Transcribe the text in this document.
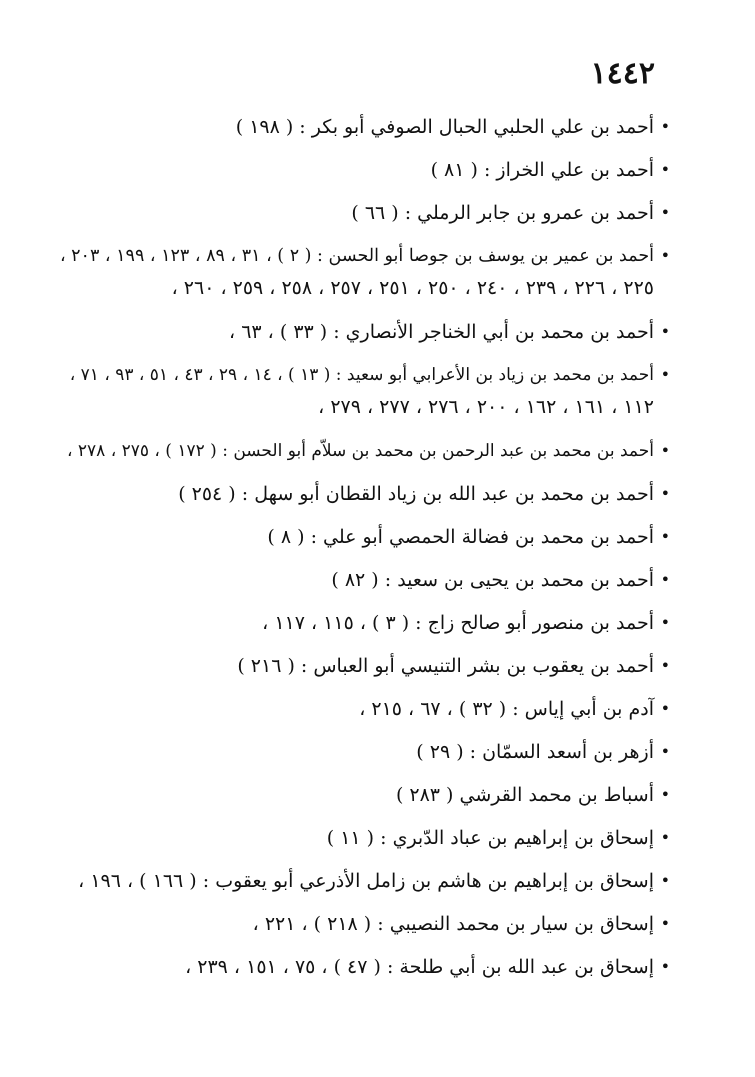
١٤٤٢
•
أحمد بن علي الحلبي الحبال الصوفي أبو بكر : ( ١٩٨ )
•
أحمد بن علي الخراز : ( ٨١ )
•
أحمد بن عمرو بن جابر الرملي : ( ٦٦ )
•
أحمد بن عمير بن يوسف بن جوصا أبو الحسن : ( ٢ ) ، ٣١ ، ٨٩ ، ١٢٣ ، ١٩٩ ، ٢٠٣ ،
٢٢٥ ، ٢٢٦ ، ٢٣٩ ، ٢٤٠ ، ٢٥٠ ، ٢٥١ ، ٢٥٧ ، ٢٥٨ ، ٢٥٩ ، ٢٦٠ ،
•
أحمد بن محمد بن أبي الخناجر الأنصاري : ( ٣٣ ) ، ٦٣ ،
•
أحمد بن محمد بن زياد بن الأعرابي أبو سعيد : ( ١٣ ) ، ١٤ ، ٢٩ ، ٤٣ ، ٥١ ، ٩٣ ، ٧١ ،
١١٢ ، ١٦١ ، ١٦٢ ، ٢٠٠ ، ٢٧٦ ، ٢٧٧ ، ٢٧٩ ،
•
أحمد بن محمد بن عبد الرحمن بن محمد بن سلاّم أبو الحسن : ( ١٧٢ ) ، ٢٧٥ ، ٢٧٨ ،
•
أحمد بن محمد بن عبد الله بن زياد القطان أبو سهل : ( ٢٥٤ )
•
أحمد بن محمد بن فضالة الحمصي أبو علي : ( ٨ )
•
أحمد بن محمد بن يحيى بن سعيد : ( ٨٢ )
•
أحمد بن منصور أبو صالح زاج : ( ٣ ) ، ١١٥ ، ١١٧ ،
•
أحمد بن يعقوب بن بشر التنيسي أبو العباس : ( ٢١٦ )
•
آدم بن أبي إياس : ( ٣٢ ) ، ٦٧ ، ٢١٥ ،
•
أزهر بن أسعد السمّان : ( ٢٩ )
•
أسباط بن محمد القرشي ( ٢٨٣ )
•
إسحاق بن إبراهيم بن عباد الدّبري : ( ١١ )
•
إسحاق بن إبراهيم بن هاشم بن زامل الأذرعي أبو يعقوب : ( ١٦٦ ) ، ١٩٦ ،
•
إسحاق بن سيار بن محمد النصيبي : ( ٢١٨ ) ، ٢٢١ ،
•
إسحاق بن عبد الله بن أبي طلحة : ( ٤٧ ) ، ٧٥ ، ١٥١ ، ٢٣٩ ،
